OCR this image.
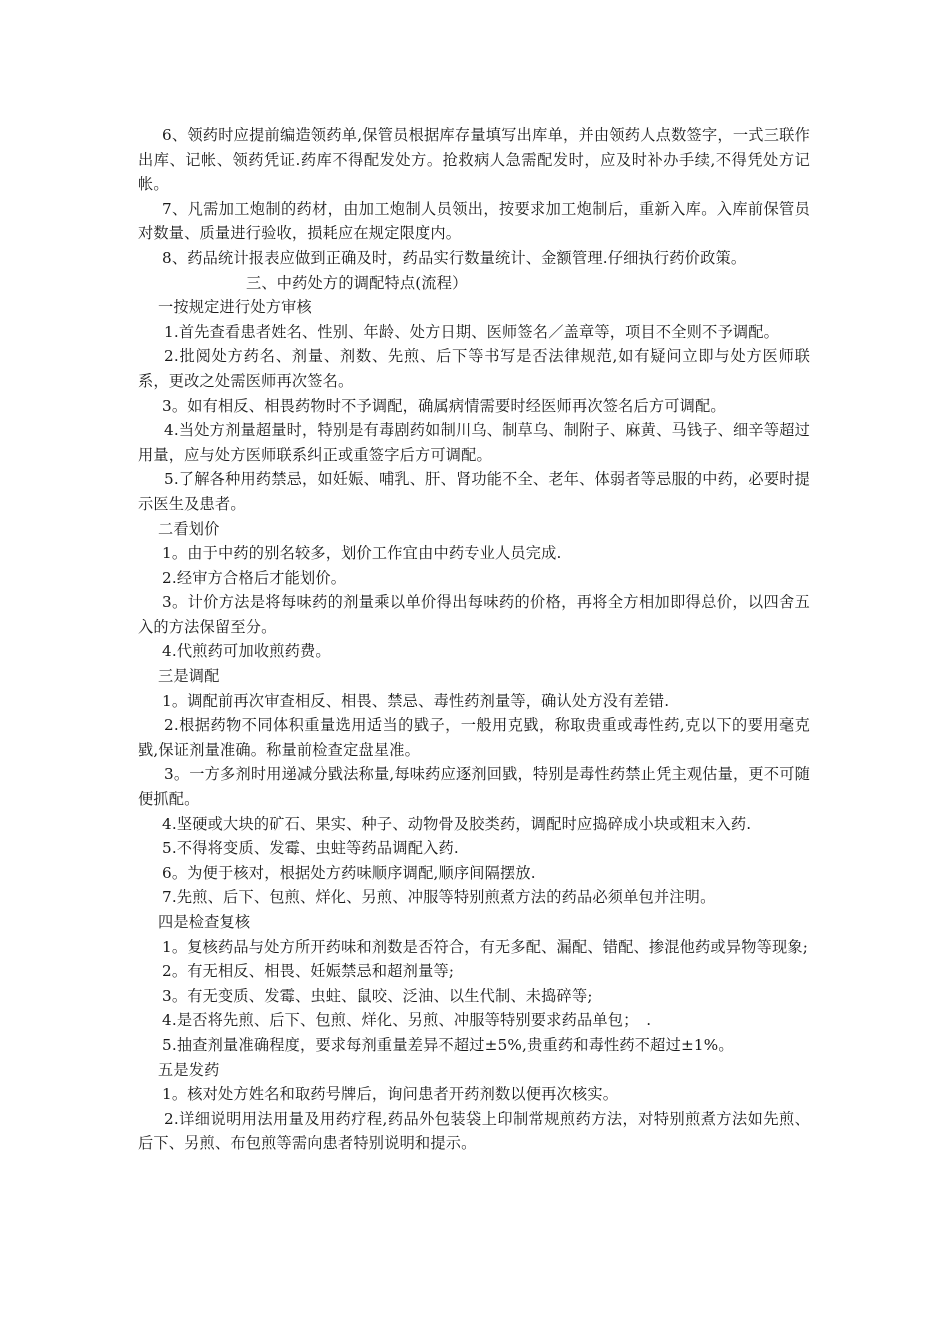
6、领药时应提前编造领药单,保管员根据库存量填写出库单，并由领药人点数签字，一式三联作出库、记帐、领药凭证.药库不得配发处方。抢救病人急需配发时，应及时补办手续,不得凭处方记帐。

7、凡需加工炮制的药材，由加工炮制人员领出，按要求加工炮制后，重新入库。入库前保管员对数量、质量进行验收，损耗应在规定限度内。

8、药品统计报表应做到正确及时，药品实行数量统计、金额管理.仔细执行药价政策。

三、中药处方的调配特点(流程）

一按规定进行处方审核

1.首先查看患者姓名、性别、年龄、处方日期、医师签名／盖章等，项目不全则不予调配。

2.批阅处方药名、剂量、剂数、先煎、后下等书写是否法律规范,如有疑问立即与处方医师联系，更改之处需医师再次签名。

3。如有相反、相畏药物时不予调配，确属病情需要时经医师再次签名后方可调配。

4.当处方剂量超量时，特别是有毒剧药如制川乌、制草乌、制附子、麻黄、马钱子、细辛等超过用量，应与处方医师联系纠正或重签字后方可调配。

5.了解各种用药禁忌，如妊娠、哺乳、肝、肾功能不全、老年、体弱者等忌服的中药，必要时提示医生及患者。

二看划价

1。由于中药的别名较多，划价工作宜由中药专业人员完成.

2.经审方合格后才能划价。

3。计价方法是将每味药的剂量乘以单价得出每味药的价格，再将全方相加即得总价，以四舍五入的方法保留至分。

4.代煎药可加收煎药费。

三是调配

1。调配前再次审查相反、相畏、禁忌、毒性药剂量等，确认处方没有差错.

2.根据药物不同体积重量选用适当的戥子，一般用克戥，称取贵重或毒性药,克以下的要用毫克戥,保证剂量准确。称量前检查定盘星准。

3。一方多剂时用递减分戥法称量,每味药应逐剂回戥，特别是毒性药禁止凭主观估量，更不可随便抓配。

4.坚硬或大块的矿石、果实、种子、动物骨及胶类药，调配时应捣碎成小块或粗末入药.

5.不得将变质、发霉、虫蛀等药品调配入药.

6。为便于核对，根据处方药味顺序调配,顺序间隔摆放.

7.先煎、后下、包煎、烊化、另煎、冲服等特别煎煮方法的药品必须单包并注明。

四是检查复核

1。复核药品与处方所开药味和剂数是否符合，有无多配、漏配、错配、掺混他药或异物等现象;

2。有无相反、相畏、妊娠禁忌和超剂量等;

3。有无变质、发霉、虫蛀、鼠咬、泛油、以生代制、未捣碎等;

4.是否将先煎、后下、包煎、烊化、另煎、冲服等特别要求药品单包；　.

5.抽查剂量准确程度，要求每剂重量差异不超过±5%,贵重药和毒性药不超过±1%。

五是发药

1。核对处方姓名和取药号牌后，询问患者开药剂数以便再次核实。

2.详细说明用法用量及用药疗程,药品外包装袋上印制常规煎药方法，对特别煎煮方法如先煎、后下、另煎、布包煎等需向患者特别说明和提示。
